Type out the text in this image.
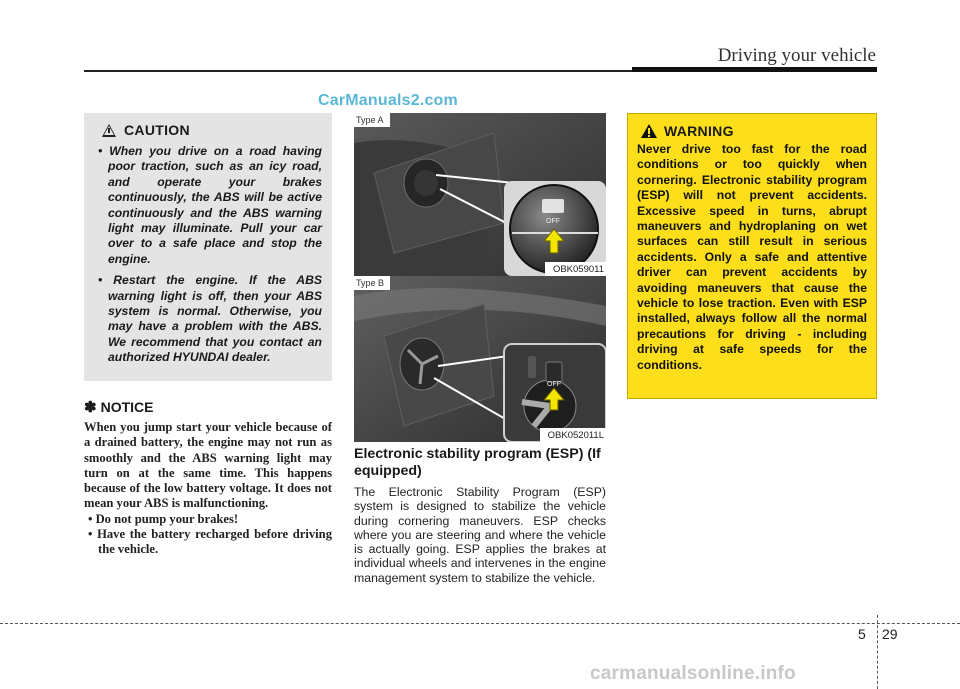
Driving your vehicle
CarManuals2.com
CAUTION
• When you drive on a road having poor traction, such as an icy road, and operate your brakes continuously, the ABS will be active continuously and the ABS warning light may illuminate. Pull your car over to a safe place and stop the engine.
• Restart the engine. If the ABS warning light is off, then your ABS system is normal. Otherwise, you may have a problem with the ABS. We recommend that you contact an authorized HYUNDAI dealer.
✽ NOTICE

When you jump start your vehicle because of a drained battery, the engine may not run as smoothly and the ABS warning light may turn on at the same time. This happens because of the low battery voltage. It does not mean your ABS is malfunctioning.

• Do not pump your brakes!
• Have the battery recharged before driving the vehicle.
OFF
Type A
OBK059011
OFF
Type B
OBK052011L
Electronic stability program (ESP) (If equipped)

The Electronic Stability Program (ESP) system is designed to stabilize the vehicle during cornering maneuvers. ESP checks where you are steering and where the vehicle is actually going. ESP applies the brakes at individual wheels and intervenes in the engine management system to stabilize the vehicle.

WARNING

Never drive too fast for the road conditions or too quickly when cornering. Electronic stability program (ESP) will not prevent accidents. Excessive speed in turns, abrupt maneuvers and hydroplaning on wet surfaces can still result in serious accidents. Only a safe and attentive driver can prevent accidents by avoiding maneuvers that cause the vehicle to lose traction. Even with ESP installed, always follow all the normal precautions for driving - including driving at safe speeds for the conditions.

5 29
carmanualsonline.info
